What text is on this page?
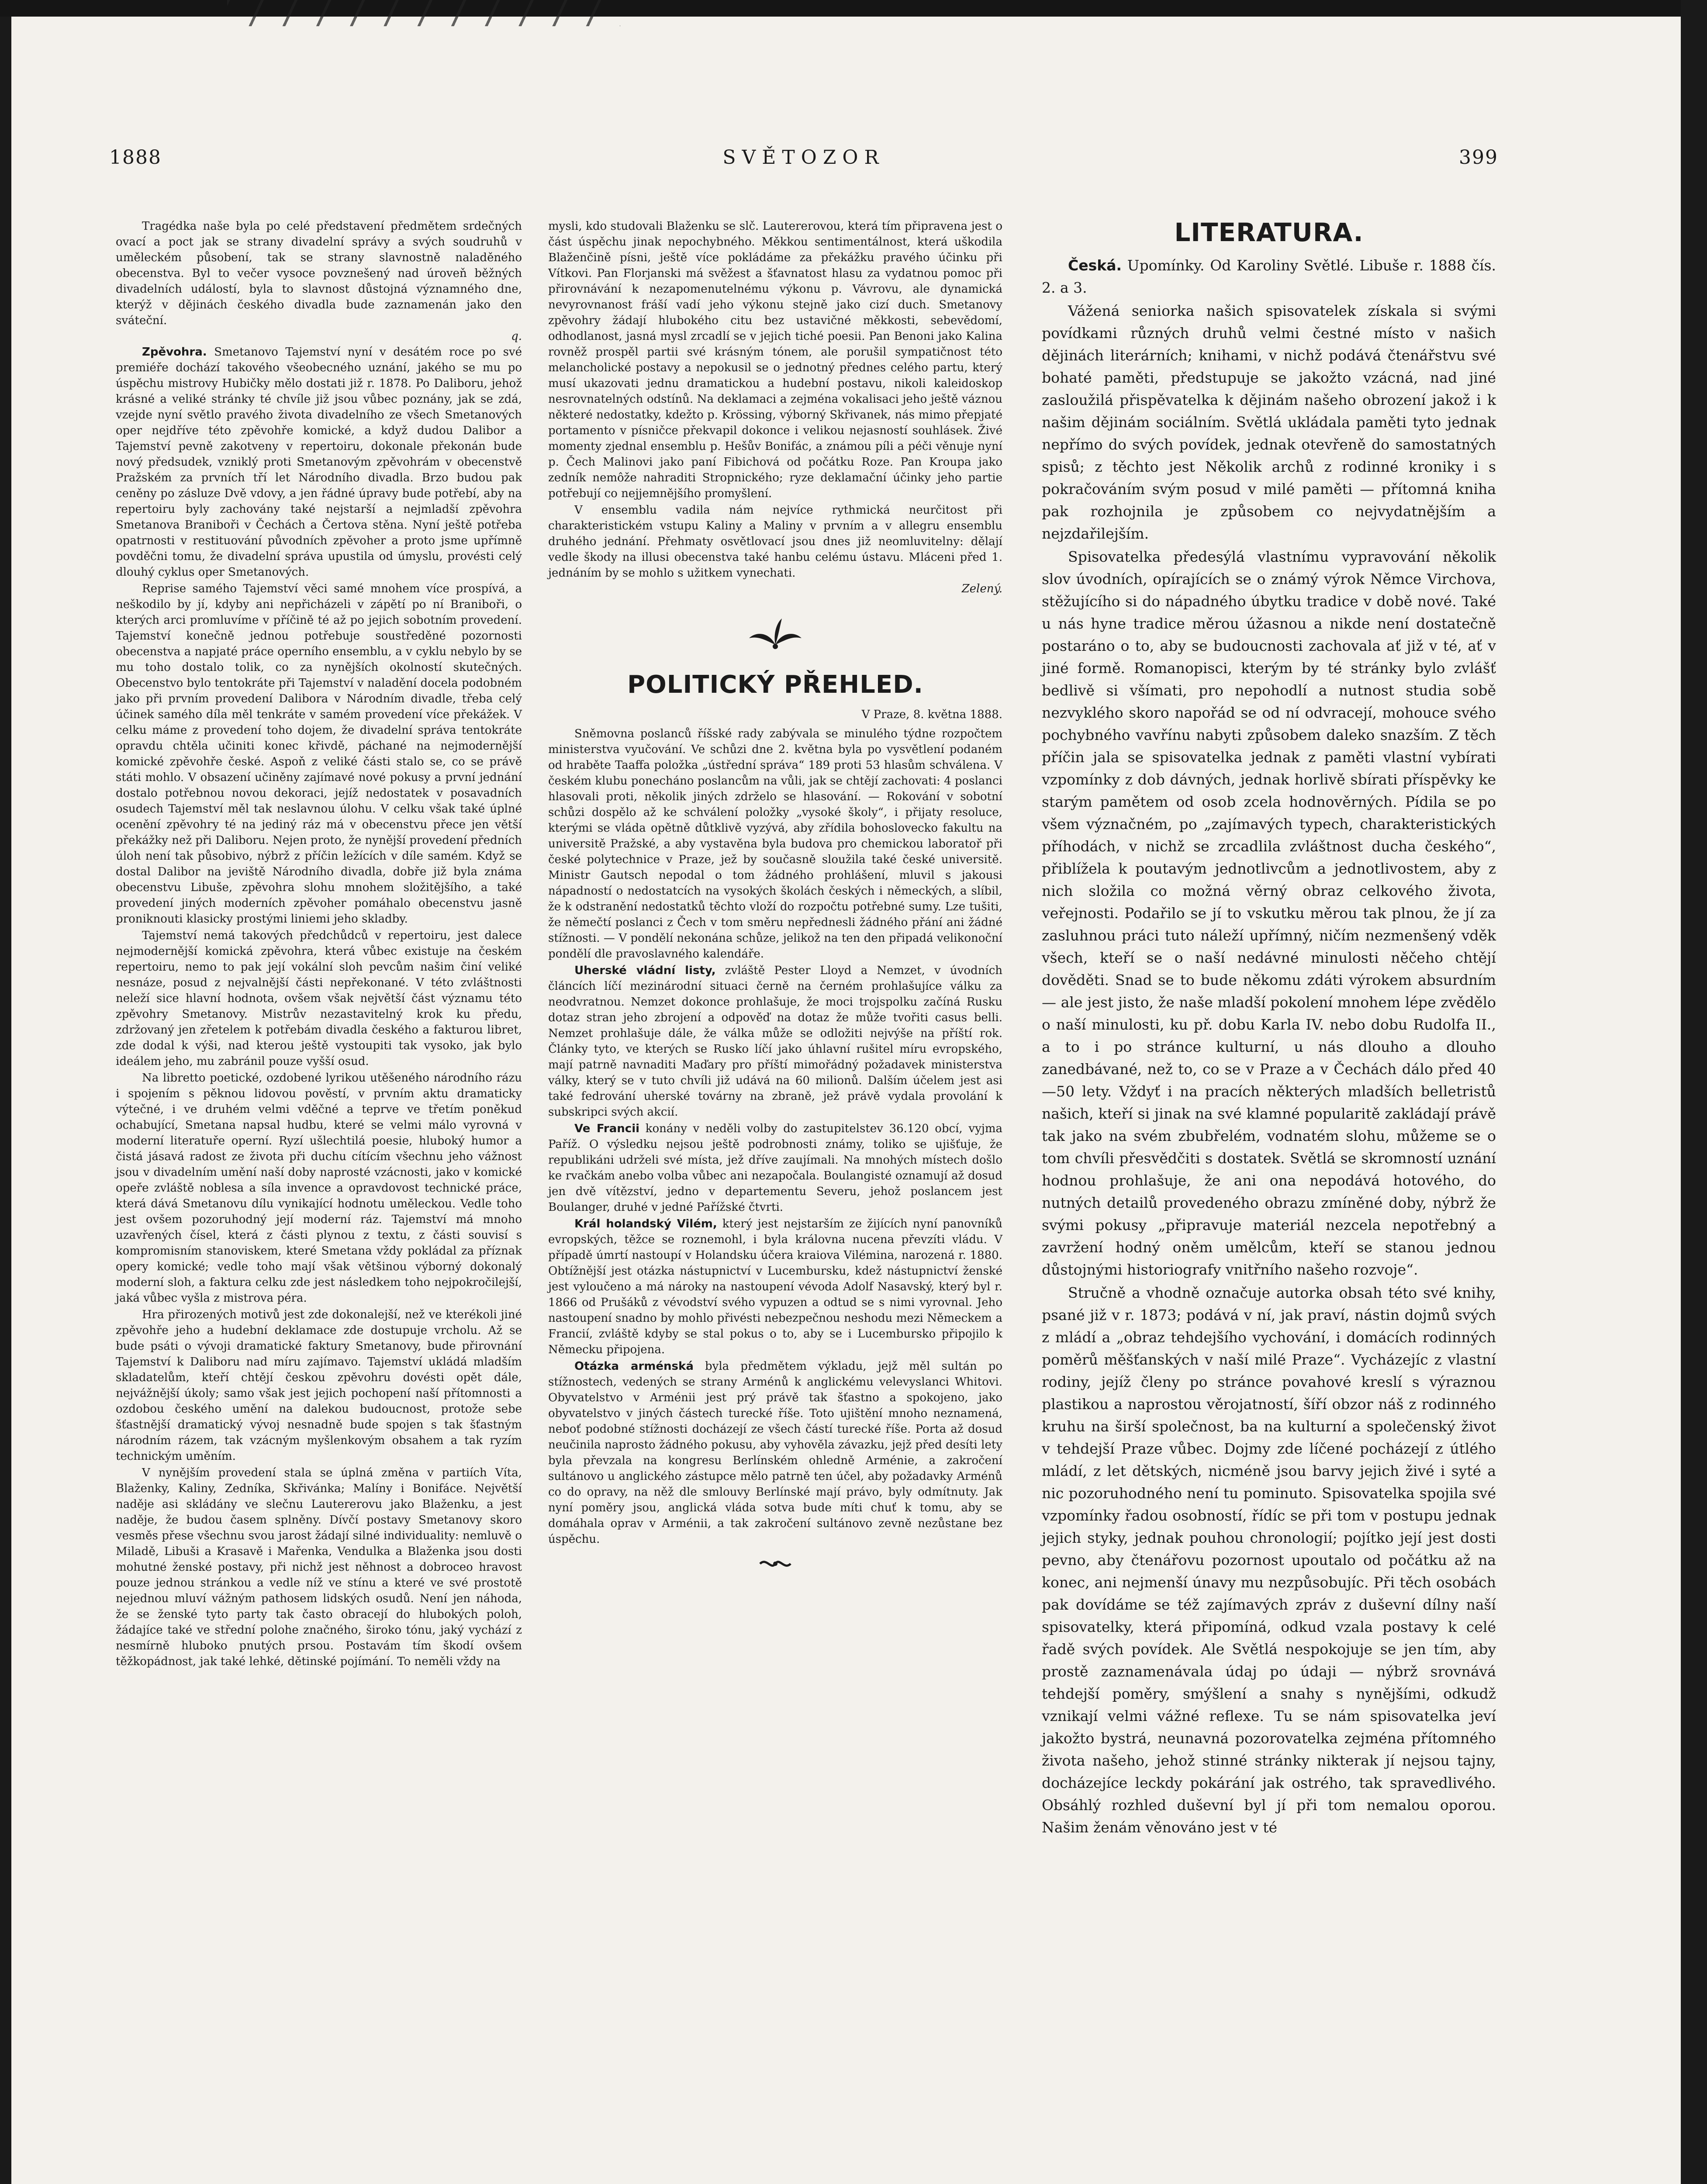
SVĚTOZOR
1888	399

Tragédka naše byla po celé představení předmětem srdečných ovací a poct jak se strany divadelní správy a svých soudruhů v uměleckém působení, tak se strany slavnostně naladěného obecenstva. Byl to večer vysoce povznešený nad úroveň běžných divadelních událostí, byla to slavnost důstojná významného dne, kterýž v dějinách českého divadla bude zaznamenán jako den sváteční.

q.

Zpěvohra. Smetanovo Tajemství nyní v desátém roce po své premiéře dochází takového všeobecného uznání, jakého se mu po úspěchu mistrovy Hubičky mělo dostati již r. 1878. Po Daliboru, jehož krásné a veliké stránky té chvíle již jsou vůbec poznány, jak se zdá, vzejde nyní světlo pravého života divadelního ze všech Smetanových oper nejdříve této zpěvohře komické, a když dudou Dalibor a Tajemství pevně zakotveny v repertoiru, dokonale překonán bude nový předsudek, vzniklý proti Smetanovým zpěvohrám v obecenstvě Pražském za prvních tří let Národního divadla. Brzo budou pak ceněny po zásluze Dvě vdovy, a jen řádné úpravy bude potřebí, aby na repertoiru byly zachovány také nejstarší a nejmladší zpěvohra Smetanova Braniboři v Čechách a Čertova stěna. Nyní ještě potřeba opatrnosti v restituování původních zpěvoher a proto jsme upřímně povděčni tomu, že divadelní správa upustila od úmyslu, provésti celý dlouhý cyklus oper Smetanových.

Reprise samého Tajemství věci samé mnohem více prospívá, a neškodilo by jí, kdyby ani nepřicházeli v zápětí po ní Braniboři, o kterých arci promluvíme v příčině té až po jejich sobotním provedení. Tajemství konečně jednou potřebuje soustředěné pozornosti obecenstva a napjaté práce operního ensemblu, a v cyklu nebylo by se mu toho dostalo tolik, co za nynějších okolností skutečných. Obecenstvo bylo tentokráte při Tajemství v naladění docela podobném jako při prvním provedení Dalibora v Národním divadle, třeba celý účinek samého díla měl tenkráte v samém provedení více překážek. V celku máme z provedení toho dojem, že divadelní správa tentokráte opravdu chtěla učiniti konec křivdě, páchané na nejmodernější komické zpěvohře české. Aspoň z veliké části stalo se, co se právě státi mohlo. V obsazení učiněny zajímavé nové pokusy a první jednání dostalo potřebnou novou dekoraci, jejíž nedostatek v posavadních osudech Tajemství měl tak neslavnou úlohu. V celku však také úplné ocenění zpěvohry té na jediný ráz má v obecenstvu přece jen větší překážky než při Daliboru. Nejen proto, že nynější provedení předních úloh není tak působivo, nýbrž z příčin ležících v díle samém. Když se dostal Dalibor na jeviště Národního divadla, dobře již byla známa obecenstvu Libuše, zpěvohra slohu mnohem složitějšího, a také provedení jiných moderních zpěvoher pomáhalo obecenstvu jasně proniknouti klasicky prostými liniemi jeho skladby.

Tajemství nemá takových předchůdců v repertoiru, jest dalece nejmodernější komická zpěvohra, která vůbec existuje na českém repertoiru, nemo to pak její vokální sloh pevcům našim činí veliké nesnáze, posud z nejvalnější části nepřekonané. V této zvláštnosti neleží sice hlavní hodnota, ovšem však největší část významu této zpěvohry Smetanovy. Mistrův nezastavitelný krok ku předu, zdržovaný jen zřetelem k potřebám divadla českého a fakturou libret, zde dodal k výši, nad kterou ještě vystoupiti tak vysoko, jak bylo ideálem jeho, mu zabránil pouze vyšší osud.

Na libretto poetické, ozdobené lyrikou utěšeného národního rázu i spojením s pěknou lidovou pověstí, v prvním aktu dramaticky výtečné, i ve druhém velmi vděčné a teprve ve třetím poněkud ochabující, Smetana napsal hudbu, které se velmi málo vyrovná v moderní literatuře operní. Ryzí ušlechtilá poesie, hluboký humor a čistá jásavá radost ze života při duchu cítícím všechnu jeho vážnost jsou v divadelním umění naší doby naprosté vzácnosti, jako v komické opeře zvláště noblesa a síla invence a opravdovost technické práce, která dává Smetanovu dílu vynikající hodnotu uměleckou. Vedle toho jest ovšem pozoruhodný její moderní ráz. Tajemství má mnoho uzavřených čísel, která z části plynou z textu, z části souvisí s kompromisním stanoviskem, které Smetana vždy pokládal za příznak opery komické; vedle toho mají však většinou výborný dokonalý moderní sloh, a faktura celku zde jest následkem toho nejpokročilejší, jaká vůbec vyšla z mistrova péra.

Hra přirozených motivů jest zde dokonalejší, než ve kterékoli jiné zpěvohře jeho a hudební deklamace zde dostupuje vrcholu. Až se bude psáti o vývoji dramatické faktury Smetanovy, bude přirovnání Tajemství k Daliboru nad míru zajímavo. Tajemství ukládá mladším skladatelům, kteří chtějí českou zpěvohru dovésti opět dále, nejvážnější úkoly; samo však jest jejich pochopení naší přítomnosti a ozdobou českého umění na dalekou budoucnost, protože sebe šťastnější dramatický vývoj nesnadně bude spojen s tak šťastným národním rázem, tak vzácným myšlenkovým obsahem a tak ryzím technickým uměním.

V nynějším provedení stala se úplná změna v partiích Víta, Blaženky, Kaliny, Zedníka, Skřivánka; Malíny i Bonifáce. Největší naděje asi skládány ve slečnu Lautererovu jako Blaženku, a jest naděje, že budou časem splněny. Dívčí postavy Smetanovy skoro vesměs přese všechnu svou jarost žádají silné individuality: nemluvě o Miladě, Libuši a Krasavě i Mařenka, Vendulka a Blaženka jsou dosti mohutné ženské postavy, při nichž jest něhnost a dobroceo hravost pouze jednou stránkou a vedle níž ve stínu a které ve své prostotě nejednou mluví vážným pathosem lidských osudů. Není jen náhoda, že se ženské tyto party tak často obracejí do hlubokých poloh, žádajíce také ve střední polohe značného, široko tónu, jaký vychází z nesmírně hluboko pnutých prsou. Postavám tím škodí ovšem těžkopádnost, jak také lehké, dětinské pojímání. To neměli vždy na

mysli, kdo studovali Blaženku se slč. Lautererovou, která tím připravena jest o část úspěchu jinak nepochybného. Měkkou sentimentálnost, která uškodila Blaženčině písni, ještě více pokládáme za překážku pravého účinku při Vítkovi. Pan Florjanski má svěžest a šťavnatost hlasu za vydatnou pomoc při přirovnávání k nezapomenutelnému výkonu p. Vávrovu, ale dynamická nevyrovnanost fráší vadí jeho výkonu stejně jako cizí duch. Smetanovy zpěvohry žádají hlubokého citu bez ustavičné měkkosti, sebevědomí, odhodlanost, jasná mysl zrcadlí se v jejich tiché poesii. Pan Benoni jako Kalina rovněž prospěl partii své krásným tónem, ale porušil sympatičnost této melancholické postavy a nepokusil se o jednotný přednes celého partu, který musí ukazovati jednu dramatickou a hudební postavu, nikoli kaleidoskop nesrovnatelných odstínů. Na deklamaci a zejména vokalisaci jeho ještě váznou některé nedostatky, kdežto p. Krössing, výborný Skřivanek, nás mimo přepjaté portamento v písničce překvapil dokonce i velikou nejasností souhlásek. Živé momenty zjednal ensemblu p. Hešův Bonifác, a známou píli a péči věnuje nyní p. Čech Malinovi jako paní Fibichová od počátku Roze. Pan Kroupa jako zedník nemôže nahraditi Stropnického; ryze deklamační účinky jeho partie potřebují co nejjemnějšího promyšlení.

V ensemblu vadila nám nejvíce rythmická neurčitost při charakteristickém vstupu Kaliny a Maliny v prvním a v allegru ensemblu druhého jednání. Přehmaty osvětlovací jsou dnes již neomluvitelny: dělají vedle škody na illusi obecenstva také hanbu celému ústavu. Mláceni před 1. jednáním by se mohlo s užitkem vynechati.

Zelený.
POLITICKÝ PŘEHLED.
V Praze, 8. května 1888.

Sněmovna poslanců říšské rady zabývala se minulého týdne rozpočtem ministerstva vyučování. Ve schůzi dne 2. května byla po vysvětlení podaném od hraběte Taaffa položka „ústřední správa“ 189 proti 53 hlasům schválena. V českém klubu ponecháno poslancům na vůli, jak se chtějí zachovati: 4 poslanci hlasovali proti, několik jiných zdrželo se hlasování. — Rokování v sobotní schůzi dospělo až ke schválení položky „vysoké školy“, i přijaty resoluce, kterými se vláda opětně důtklivě vyzývá, aby zřídila bohoslovecko fakultu na universitě Pražské, a aby vystavěna byla budova pro chemickou laboratoř při české polytechnice v Praze, jež by současně sloužila také české universitě. Ministr Gautsch nepodal o tom žádného prohlášení, mluvil s jakousi nápadností o nedostatcích na vysokých školách českých i německých, a slíbil, že k odstranění nedostatků těchto vloží do rozpočtu potřebné sumy. Lze tušiti, že němečtí poslanci z Čech v tom směru nepřednesli žádného přání ani žádné stížnosti. — V pondělí nekonána schůze, jelikož na ten den připadá velikonoční pondělí dle pravoslavného kalendáře.

Uherské vládní listy, zvláště Pester Lloyd a Nemzet, v úvodních článcích líčí mezinárodní situaci černě na černém prohlašujíce válku za neodvratnou. Nemzet dokonce prohlašuje, že moci trojspolku začíná Rusku dotaz stran jeho zbrojení a odpověď na dotaz že může tvořiti casus belli. Nemzet prohlašuje dále, že válka může se odložiti nejvýše na příští rok. Články tyto, ve kterých se Rusko líčí jako úhlavní rušitel míru evropského, mají patrně navnaditi Maďary pro příští mimořádný požadavek ministerstva války, který se v tuto chvíli již udává na 60 milionů. Dalším účelem jest asi také fedrování uherské továrny na zbraně, jež právě vydala provolání k subskripci svých akcií.

Ve Francii konány v neděli volby do zastupitelstev 36.120 obcí, vyjma Paříž. O výsledku nejsou ještě podrobnosti známy, toliko se ujišťuje, že republikáni udrželi své místa, jež dříve zaujímali. Na mnohých místech došlo ke rvačkám anebo volba vůbec ani nezapočala. Boulangisté oznamují až dosud jen dvě vítězství, jedno v departementu Severu, jehož poslancem jest Boulanger, druhé v jedné Pařížské čtvrti.

Král holandský Vilém, který jest nejstarším ze žijících nyní panovníků evropských, těžce se roznemohl, i byla královna nucena převzíti vládu. V případě úmrtí nastoupí v Holandsku účera kraiova Vilémina, narozená r. 1880. Obtížnější jest otázka nástupnictví v Lucembursku, kdež nástupnictví ženské jest vyloučeno a má nároky na nastoupení vévoda Adolf Nasavský, který byl r. 1866 od Prušáků z vévodství svého vypuzen a odtud se s nimi vyrovnal. Jeho nastoupení snadno by mohlo přivésti nebezpečnou neshodu mezi Německem a Francií, zvláště kdyby se stal pokus o to, aby se i Lucembursko připojilo k Německu připojena.

Otázka arménská byla předmětem výkladu, jejž měl sultán po stížnostech, vedených se strany Arménů k anglickému velevyslanci Whitovi. Obyvatelstvo v Arménii jest prý právě tak šťastno a spokojeno, jako obyvatelstvo v jiných částech turecké říše. Toto ujištění mnoho neznamená, neboť podobné stížnosti docházejí ze všech částí turecké říše. Porta až dosud neučinila naprosto žádného pokusu, aby vyhověla závazku, jejž před desíti lety byla převzala na kongresu Berlínském ohledně Arménie, a zakročení sultánovo u anglického zástupce mělo patrně ten účel, aby požadavky Arménů co do opravy, na něž dle smlouvy Berlínské mají právo, byly odmítnuty. Jak nyní poměry jsou, anglická vláda sotva bude míti chuť k tomu, aby se domáhala oprav v Arménii, a tak zakročení sultánovo zevně nezůstane bez úspěchu.

LITERATURA.

Česká. Upomínky. Od Karoliny Světlé. Libuše r. 1888 čís. 2. a 3.

Vážená seniorka našich spisovatelek získala si svými povídkami různých druhů velmi čestné místo v našich dějinách literárních; knihami, v nichž podává čtenářstvu své bohaté paměti, předstupuje se jakožto vzácná, nad jiné zasloužilá přispěvatelka k dějinám našeho obrození jakož i k našim dějinám sociálním. Světlá ukládala paměti tyto jednak nepřímo do svých povídek, jednak otevřeně do samostatných spisů; z těchto jest Několik archů z rodinné kroniky i s pokračováním svým posud v milé paměti — přítomná kniha pak rozhojnila je způsobem co nejvydatnějším a nejzdařilejším.

Spisovatelka předesýlá vlastnímu vypravování několik slov úvodních, opírajících se o známý výrok Němce Virchova, stěžujícího si do nápadného úbytku tradice v době nové. Také u nás hyne tradice měrou úžasnou a nikde není dostatečně postaráno o to, aby se budoucnosti zachovala ať již v té, ať v jiné formě. Romanopisci, kterým by té stránky bylo zvlášť bedlivě si všímati, pro nepohodlí a nutnost studia sobě nezvyklého skoro napořád se od ní odvracejí, mohouce svého pochybného vavřínu nabyti způsobem daleko snazším. Z těch příčin jala se spisovatelka jednak z paměti vlastní vybírati vzpomínky z dob dávných, jednak horlivě sbírati příspěvky ke starým pamětem od osob zcela hodnověrných. Pídila se po všem význačném, po „zajímavých typech, charakteristických příhodách, v nichž se zrcadlila zvláštnost ducha českého“, přiblížela k poutavým jednotlivcům a jednotlivostem, aby z nich složila co možná věrný obraz celkového života, veřejnosti. Podařilo se jí to vskutku měrou tak plnou, že jí za zasluhnou práci tuto náleží upřímný, ničím nezmenšený vděk všech, kteří se o naší nedávné minulosti něčeho chtějí dověděti. Snad se to bude někomu zdáti výrokem absurdním — ale jest jisto, že naše mladší pokolení mnohem lépe zvědělo o naší minulosti, ku př. dobu Karla IV. nebo dobu Rudolfa II., a to i po stránce kulturní, u nás dlouho a dlouho zanedbávané, než to, co se v Praze a v Čechách dálo před 40—50 lety. Vždyť i na pracích některých mladších belletristů našich, kteří si jinak na své klamné popularitě zakládají právě tak jako na svém zbubřelém, vodnatém slohu, můžeme se o tom chvíli přesvědčiti s dostatek. Světlá se skromností uznání hodnou prohlašuje, že ani ona nepodává hotového, do nutných detailů provedeného obrazu zmíněné doby, nýbrž že svými pokusy „připravuje materiál nezcela nepotřebný a zavržení hodný oněm umělcům, kteří se stanou jednou důstojnými historiografy vnitřního našeho rozvoje“.

Stručně a vhodně označuje autorka obsah této své knihy, psané již v r. 1873; podává v ní, jak praví, nástin dojmů svých z mládí a „obraz tehdejšího vychování, i domácích rodinných poměrů měšťanských v naší milé Praze“. Vycházejíc z vlastní rodiny, jejíž členy po stránce povahové kreslí s výraznou plastikou a naprostou věrojatností, šíří obzor náš z rodinného kruhu na širší společnost, ba na kulturní a společenský život v tehdejší Praze vůbec. Dojmy zde líčené pocházejí z útlého mládí, z let dětských, nicméně jsou barvy jejich živé i syté a nic pozoruhodného není tu pominuto. Spisovatelka spojila své vzpomínky řadou osobností, řídíc se při tom v postupu jednak jejich styky, jednak pouhou chronologií; pojítko její jest dosti pevno, aby čtenářovu pozornost upoutalo od počátku až na konec, ani nejmenší únavy mu nezpůsobujíc. Při těch osobách pak dovídáme se též zajímavých zpráv z duševní dílny naší spisovatelky, která připomíná, odkud vzala postavy k celé řadě svých povídek. Ale Světlá nespokojuje se jen tím, aby prostě zaznamenávala údaj po údaji — nýbrž srovnává tehdejší poměry, smýšlení a snahy s nynějšími, odkudž vznikají velmi vážné reflexe. Tu se nám spisovatelka jeví jakožto bystrá, neunavná pozorovatelka zejména přítomného života našeho, jehož stinné stránky nikterak jí nejsou tajny, docházejíce leckdy pokárání jak ostrého, tak spravedlivého. Obsáhlý rozhled duševní byl jí při tom nemalou oporou. Našim ženám věnováno jest v té
